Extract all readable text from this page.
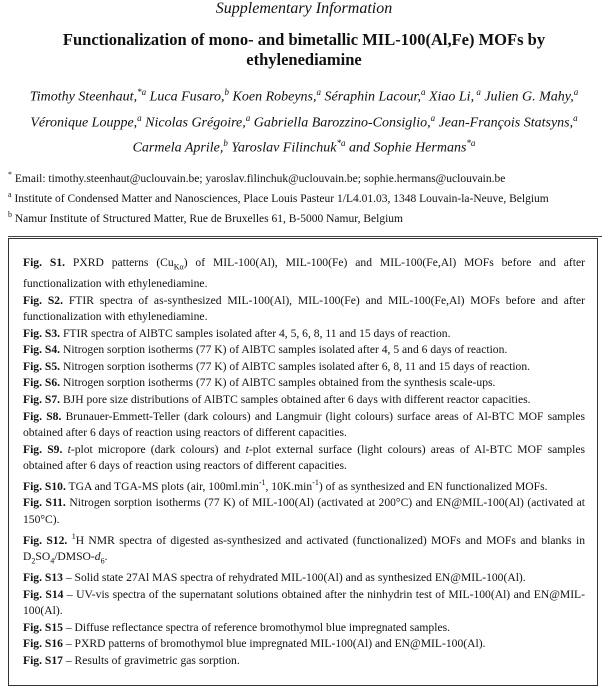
Supplementary Information
Functionalization of mono- and bimetallic MIL-100(Al,Fe) MOFs by ethylenediamine
Timothy Steenhaut,$^{*a}$ Luca Fusaro,$^b$ Koen Robeyns,$^a$ Séraphin Lacour,$^a$ Xiao Li, $^a$ Julien G. Mahy,$^a$ Véronique Louppe,$^a$ Nicolas Grégoire,$^a$ Gabriella Barozzino-Consiglio,$^a$ Jean-François Statsyns,$^a$ Carmela Aprile,$^b$ Yaroslav Filinchuk$^{*a}$ and Sophie Hermans$^{*a}$

* Email: timothy.steenhaut@uclouvain.be; yaroslav.filinchuk@uclouvain.be; sophie.hermans@uclouvain.be

$^a$ Institute of Condensed Matter and Nanosciences, Place Louis Pasteur 1/L4.01.03, 1348 Louvain-la-Neuve, Belgium

$^b$ Namur Institute of Structured Matter, Rue de Bruxelles 61, B-5000 Namur, Belgium

Fig. S1. PXRD patterns $(Cu_{K\alpha})$ of MIL-100(Al), MIL-100(Fe) and MIL-100(Fe,Al) MOFs before and after functionalization with ethylenediamine.
Fig. S2. FTIR spectra of as-synthesized MIL-100(Al), MIL-100(Fe) and MIL-100(Fe,Al) MOFs before and after functionalization with ethylenediamine.
Fig. S3. FTIR spectra of AlBTC samples isolated after 4, 5, 6, 8, 11 and 15 days of reaction.
Fig. S4. Nitrogen sorption isotherms (77 K) of AlBTC samples isolated after 4, 5 and 6 days of reaction.
Fig. S5. Nitrogen sorption isotherms (77 K) of AlBTC samples isolated after 6, 8, 11 and 15 days of reaction.
Fig. S6. Nitrogen sorption isotherms (77 K) of AlBTC samples obtained from the synthesis scale-ups.
Fig. S7. BJH pore size distributions of AlBTC samples obtained after 6 days with different reactor capacities.
Fig. S8. Brunauer-Emmett-Teller (dark colours) and Langmuir (light colours) surface areas of Al-BTC MOF samples obtained after 6 days of reaction using reactors of different capacities.
Fig. S9. t-plot micropore (dark colours) and t-plot external surface (light colours) areas of Al-BTC MOF samples obtained after 6 days of reaction using reactors of different capacities.
Fig. S10. TGA and TGA-MS plots (air, $100ml.\min^{-1}$, $10K.\min^{-1}$) of as synthesized and EN functionalized MOFs.
Fig. S11. Nitrogen sorption isotherms (77 K) of MIL-100(Al) (activated at 200°C) and EN@MIL-100(Al) (activated at 150°C).
Fig. S12. $^1$H NMR spectra of digested as-synthesized and activated (functionalized) MOFs and MOFs and blanks in $D_2SO_4/DMSO-d_6$.
Fig. S13 – Solid state 27Al MAS spectra of rehydrated MIL-100(Al) and as synthesized EN@MIL-100(Al).
Fig. S14 – UV-vis spectra of the supernatant solutions obtained after the ninhydrin test of MIL-100(Al) and EN@MIL-100(Al).
Fig. S15 – Diffuse reflectance spectra of reference bromothymol blue impregnated samples.
Fig. S16 – PXRD patterns of bromothymol blue impregnated MIL-100(Al) and EN@MIL-100(Al).
Fig. S17 – Results of gravimetric gas sorption.
